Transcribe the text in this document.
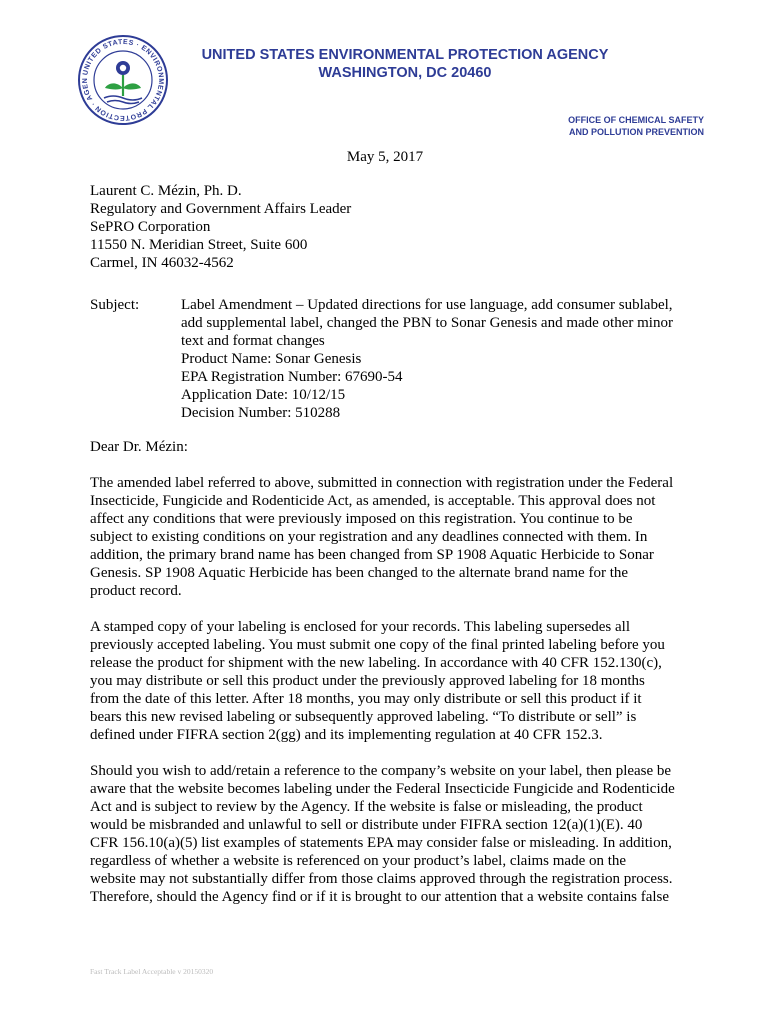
UNITED STATES · ENVIRONMENTAL PROTECTION · AGEN
UNITED STATES ENVIRONMENTAL PROTECTION AGENCY
WASHINGTON, DC 20460
OFFICE OF CHEMICAL SAFETY
AND POLLUTION PREVENTION
May 5, 2017
Laurent C. Mézin, Ph. D.
Regulatory and Government Affairs Leader
SePRO Corporation
11550 N. Meridian Street, Suite 600
Carmel, IN 46032-4562
Subject:	Label Amendment – Updated directions for use language, add consumer sublabel,
add supplemental label, changed the PBN to Sonar Genesis and made other minor
text and format changes
Product Name: Sonar Genesis
EPA Registration Number: 67690-54
Application Date: 10/12/15
Decision Number: 510288
Dear Dr. Mézin:
The amended label referred to above, submitted in connection with registration under the Federal
Insecticide, Fungicide and Rodenticide Act, as amended, is acceptable. This approval does not
affect any conditions that were previously imposed on this registration. You continue to be
subject to existing conditions on your registration and any deadlines connected with them. In
addition, the primary brand name has been changed from SP 1908 Aquatic Herbicide to Sonar
Genesis. SP 1908 Aquatic Herbicide has been changed to the alternate brand name for the
product record.
A stamped copy of your labeling is enclosed for your records. This labeling supersedes all
previously accepted labeling. You must submit one copy of the final printed labeling before you
release the product for shipment with the new labeling. In accordance with 40 CFR 152.130(c),
you may distribute or sell this product under the previously approved labeling for 18 months
from the date of this letter. After 18 months, you may only distribute or sell this product if it
bears this new revised labeling or subsequently approved labeling. “To distribute or sell” is
defined under FIFRA section 2(gg) and its implementing regulation at 40 CFR 152.3.
Should you wish to add/retain a reference to the company’s website on your label, then please be
aware that the website becomes labeling under the Federal Insecticide Fungicide and Rodenticide
Act and is subject to review by the Agency. If the website is false or misleading, the product
would be misbranded and unlawful to sell or distribute under FIFRA section 12(a)(1)(E). 40
CFR 156.10(a)(5) list examples of statements EPA may consider false or misleading. In addition,
regardless of whether a website is referenced on your product’s label, claims made on the
website may not substantially differ from those claims approved through the registration process.
Therefore, should the Agency find or if it is brought to our attention that a website contains false
Fast Track Label Acceptable v 20150320
